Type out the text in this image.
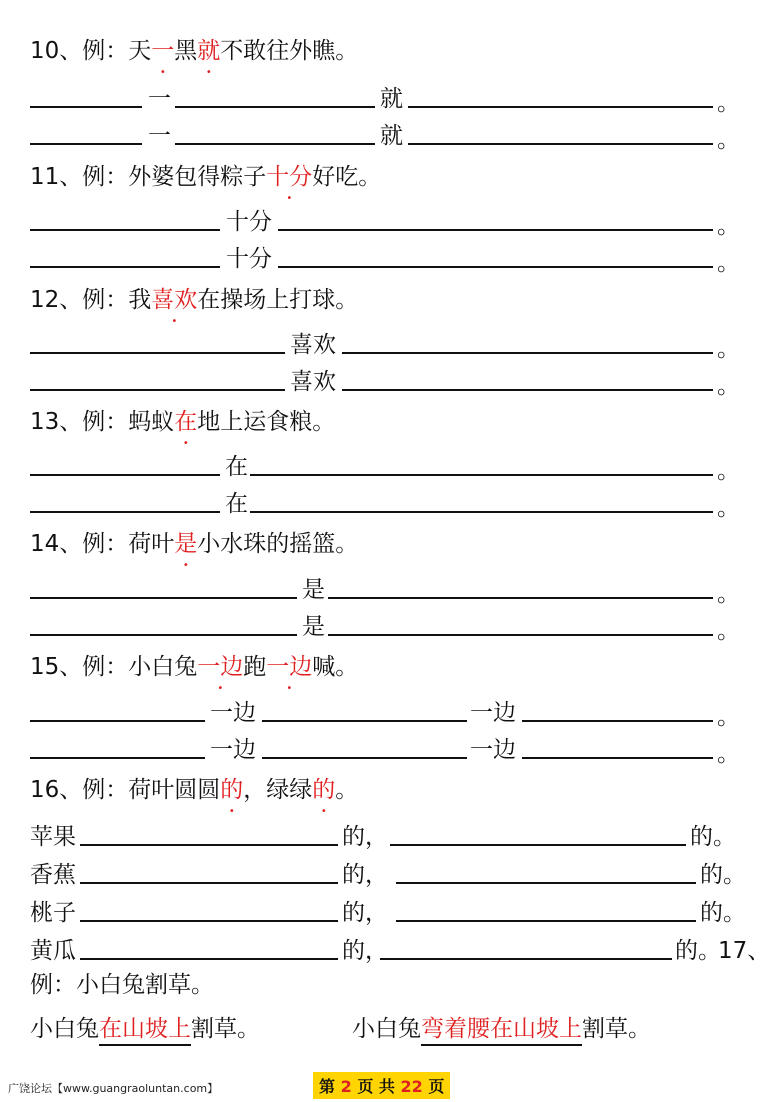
10、例：天一黑就不敢往外瞧。
一	就	。
一	就	。
11、例：外婆包得粽子十分好吃。
十分	。
十分	。
12、例：我喜欢在操场上打球。
喜欢	。
喜欢	。
13、例：蚂蚁在地上运食粮。
在	。
在	。
14、例：荷叶是小水珠的摇篮。
是	。
是	。
15、例：小白兔一边跑一边喊。
一边	一边	。
一边	一边	。
16、例：荷叶圆圆的，绿绿的。
苹果	的，	的。
香蕉	的，	的。
桃子	的，	的。
黄瓜	的，	的。
17、
例：小白兔割草。
小白兔在山坡上割草。	小白兔弯着腰在山坡上割草。
广饶论坛【www.guangraoluntan.com】	第 2 页 共 22 页
